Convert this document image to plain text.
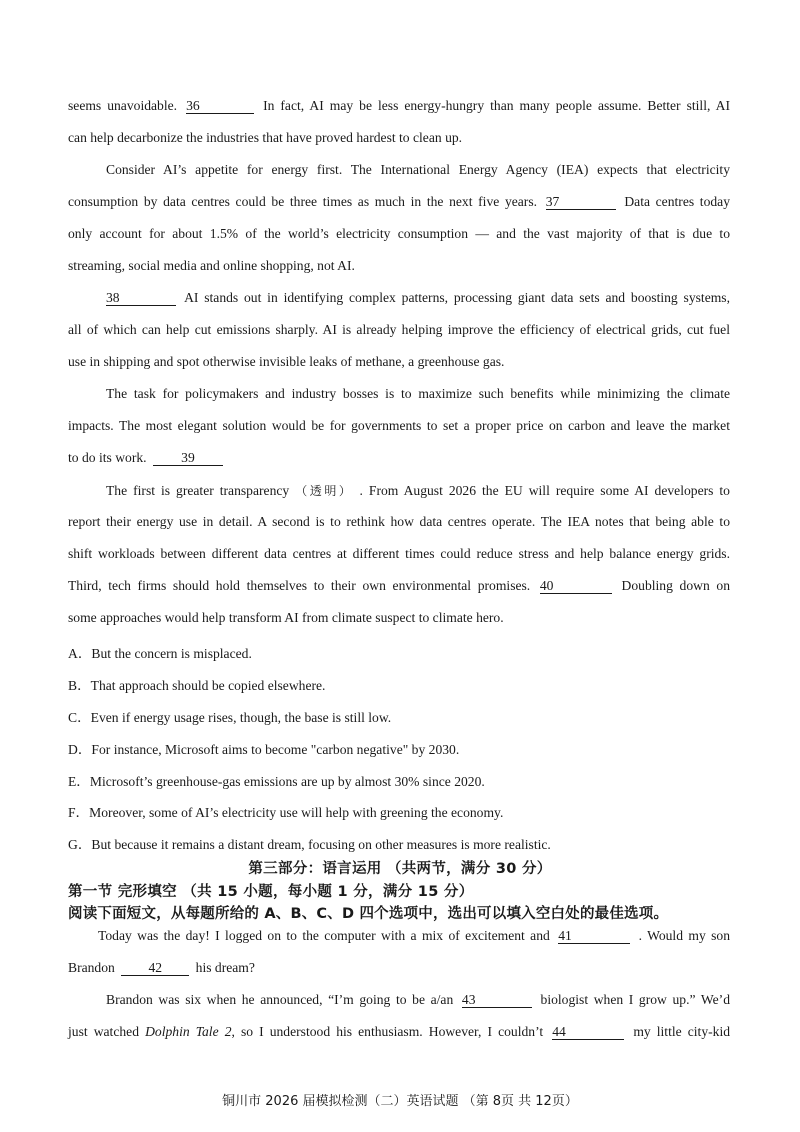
seems unavoidable. 36	In fact, AI may be less energy-hungry than many people assume. Better still, AI
can help decarbonize the industries that have proved hardest to clean up.
Consider AI’s appetite for energy first. The International Energy Agency (IEA) expects that electricity
consumption by data centres could be three times as much in the next five years. 37	Data centres today
only account for about 1.5% of the world’s electricity consumption — and the vast majority of that is due to
streaming, social media and online shopping, not AI.
38	AI stands out in identifying complex patterns, processing giant data sets and boosting systems,
all of which can help cut emissions sharply. AI is already helping improve the efficiency of electrical grids, cut fuel
use in shipping and spot otherwise invisible leaks of methane, a greenhouse gas.
The task for policymakers and industry bosses is to maximize such benefits while minimizing the climate
impacts. The most elegant solution would be for governments to set a proper price on carbon and leave the market
to do its work.	39
The first is greater transparency （透明） . From August 2026 the EU will require some AI developers to
report their energy use in detail. A second is to rethink how data centres operate. The IEA notes that being able to
shift workloads between different data centres at different times could reduce stress and help balance energy grids.
Third, tech firms should hold themselves to their own environmental promises. 40	Doubling down on
some approaches would help transform AI from climate suspect to climate hero.
A．But the concern is misplaced.
B．That approach should be copied elsewhere.
C．Even if energy usage rises, though, the base is still low.
D．For instance, Microsoft aims to become "carbon negative" by 2030.
E．Microsoft’s greenhouse-gas emissions are up by almost 30% since 2020.
F．Moreover, some of AI’s electricity use will help with greening the economy.
G．But because it remains a distant dream, focusing on other measures is more realistic.
第三部分：语言运用 （共两节，满分 30 分）
第一节 完形填空 （共 15 小题，每小题 1 分，满分 15 分）
阅读下面短文，从每题所给的 A、B、C、D 四个选项中，选出可以填入空白处的最佳选项。
Today was the day! I logged on to the computer with a mix of excitement and 41	. Would my son
Brandon 42 his dream?
Brandon was six when he announced, “I’m going to be a/an 43	biologist when I grow up.” We’d
just watched Dolphin Tale 2, so I understood his enthusiasm. However, I couldn’t 44	my little city-kid
铜川市 2026 届模拟检测（二）英语试题 （第 8页 共 12页）
